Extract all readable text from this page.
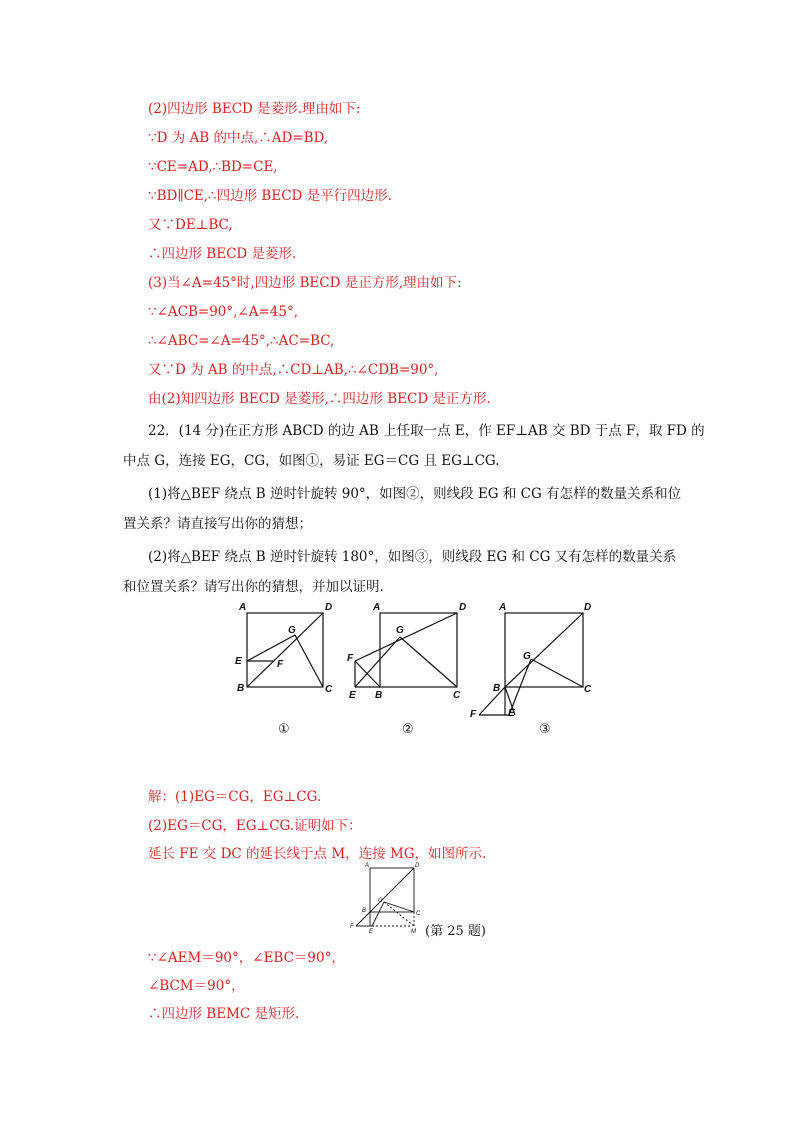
(2)四边形 BECD 是菱形.理由如下:
∵D 为 AB 的中点,∴AD=BD,
∵CE=AD,∴BD=CE,
∵BD∥CE,∴四边形 BECD 是平行四边形.
又∵DE⊥BC,
∴四边形 BECD 是菱形.
(3)当∠A=45°时,四边形 BECD 是正方形,理由如下:
∵∠ACB=90°,∠A=45°,
∴∠ABC=∠A=45°,∴AC=BC,
又∵D 为 AB 的中点,∴CD⊥AB,∴∠CDB=90°,
由(2)知四边形 BECD 是菱形,∴四边形 BECD 是正方形.
22．(14 分)在正方形 ABCD 的边 AB 上任取一点 E，作 EF⊥AB 交 BD 于点 F，取 FD 的
中点 G，连接 EG，CG，如图①，易证 EG＝CG 且 EG⊥CG.
(1)将△BEF 绕点 B 逆时针旋转 90°，如图②，则线段 EG 和 CG 有怎样的数量关系和位
置关系？请直接写出你的猜想；
(2)将△BEF 绕点 B 逆时针旋转 180°，如图③，则线段 EG 和 CG 又有怎样的数量关系
和位置关系？请写出你的猜想，并加以证明.
A	D
B	C
E	F
G
A	D
B	C
E
F
G
A	D
B	C
E
F
G
①	②	③
解：(1)EG＝CG，EG⊥CG.
(2)EG＝CG，EG⊥CG.证明如下：
延长 FE 交 DC 的延长线于点 M，连接 MG，如图所示.
A	D
B	C
E
F
G
M (第 25 题)
∵∠AEM＝90°，∠EBC＝90°，
∠BCM＝90°，
∴四边形 BEMC 是矩形.
